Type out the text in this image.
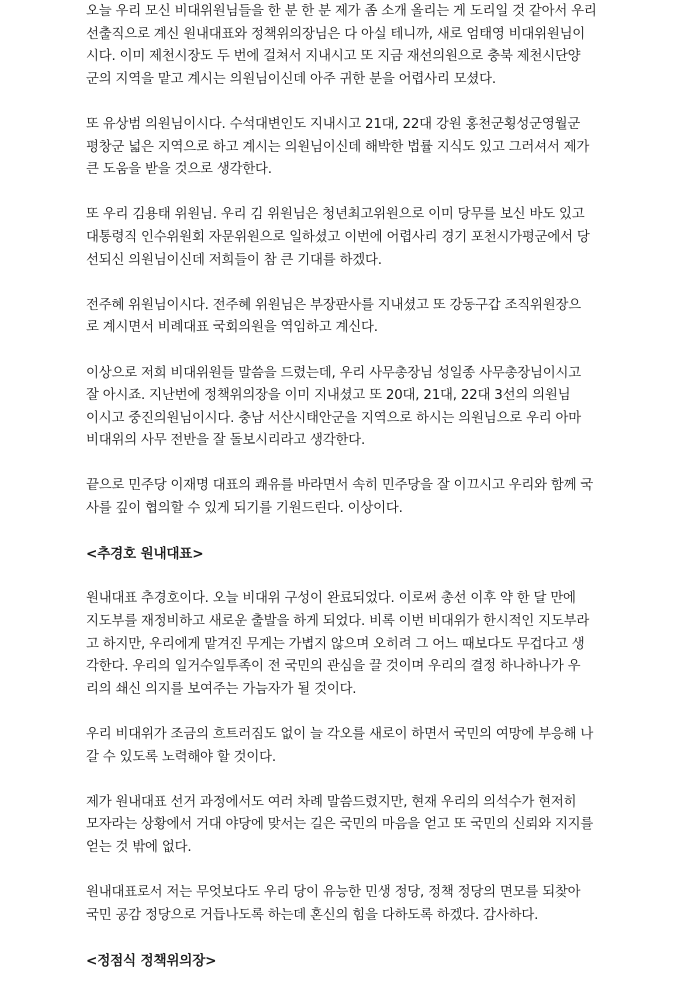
오늘 우리 모신 비대위원님들을 한 분 한 분 제가 좀 소개 올리는 게 도리일 것 같아서 우리
선출직으로 계신 원내대표와 정책위의장님은 다 아실 테니까, 새로 엄태영 비대위원님이
시다. 이미 제천시장도 두 번에 걸쳐서 지내시고 또 지금 재선의원으로 충북 제천시단양
군의 지역을 맡고 계시는 의원님이신데 아주 귀한 분을 어렵사리 모셨다.
또 유상범 의원님이시다. 수석대변인도 지내시고 21대, 22대 강원 홍천군횡성군영월군
평창군 넓은 지역으로 하고 계시는 의원님이신데 해박한 법률 지식도 있고 그러셔서 제가
큰 도움을 받을 것으로 생각한다.
또 우리 김용태 위원님. 우리 김 위원님은 청년최고위원으로 이미 당무를 보신 바도 있고
대통령직 인수위원회 자문위원으로 일하셨고 이번에 어렵사리 경기 포천시가평군에서 당
선되신 의원님이신데 저희들이 참 큰 기대를 하겠다.
전주혜 위원님이시다. 전주혜 위원님은 부장판사를 지내셨고 또 강동구갑 조직위원장으
로 계시면서 비례대표 국회의원을 역임하고 계신다.
이상으로 저희 비대위원들 말씀을 드렸는데, 우리 사무총장님 성일종 사무총장님이시고
잘 아시죠. 지난번에 정책위의장을 이미 지내셨고 또 20대, 21대, 22대 3선의 의원님
이시고 중진의원님이시다. 충남 서산시태안군을 지역으로 하시는 의원님으로 우리 아마
비대위의 사무 전반을 잘 돌보시리라고 생각한다.
끝으로 민주당 이재명 대표의 쾌유를 바라면서 속히 민주당을 잘 이끄시고 우리와 함께 국
사를 깊이 협의할 수 있게 되기를 기원드린다. 이상이다.
<추경호 원내대표>
원내대표 추경호이다. 오늘 비대위 구성이 완료되었다. 이로써 총선 이후 약 한 달 만에
지도부를 재정비하고 새로운 출발을 하게 되었다. 비록 이번 비대위가 한시적인 지도부라
고 하지만, 우리에게 맡겨진 무게는 가볍지 않으며 오히려 그 어느 때보다도 무겁다고 생
각한다. 우리의 일거수일투족이 전 국민의 관심을 끌 것이며 우리의 결정 하나하나가 우
리의 쇄신 의지를 보여주는 가늠자가 될 것이다.
우리 비대위가 조금의 흐트러짐도 없이 늘 각오를 새로이 하면서 국민의 여망에 부응해 나
갈 수 있도록 노력해야 할 것이다.
제가 원내대표 선거 과정에서도 여러 차례 말씀드렸지만, 현재 우리의 의석수가 현저히
모자라는 상황에서 거대 야당에 맞서는 길은 국민의 마음을 얻고 또 국민의 신뢰와 지지를
얻는 것 밖에 없다.
원내대표로서 저는 무엇보다도 우리 당이 유능한 민생 정당, 정책 정당의 면모를 되찾아
국민 공감 정당으로 거듭나도록 하는데 혼신의 힘을 다하도록 하겠다. 감사하다.
<정점식 정책위의장>
